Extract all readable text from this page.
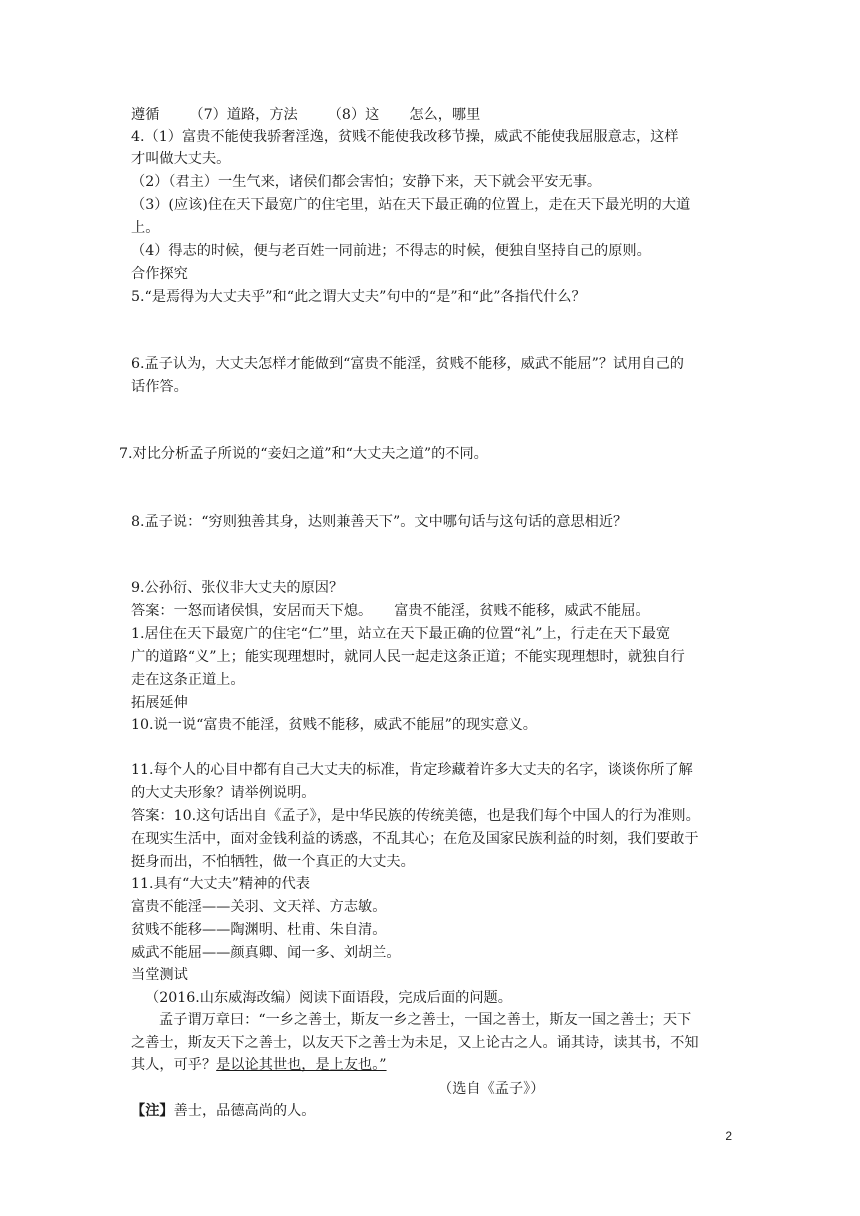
遵循 （7）道路，方法 （8）这 怎么，哪里
4.（1）富贵不能使我骄奢淫逸，贫贱不能使我改移节操，威武不能使我屈服意志，这样
才叫做大丈夫。
（2）（君主）一生气来，诸侯们都会害怕；安静下来，天下就会平安无事。
（3）(应该)住在天下最宽广的住宅里，站在天下最正确的位置上，走在天下最光明的大道
上。
（4）得志的时候，便与老百姓一同前进；不得志的时候，便独自坚持自己的原则。
合作探究
5.“是焉得为大丈夫乎”和“此之谓大丈夫”句中的“是”和“此”各指代什么？
6.孟子认为，大丈夫怎样才能做到“富贵不能淫，贫贱不能移，威武不能屈”？试用自己的
话作答。
7.对比分析孟子所说的“妾妇之道”和“大丈夫之道”的不同。
8.孟子说：“穷则独善其身，达则兼善天下”。文中哪句话与这句话的意思相近？
9.公孙衍、张仪非大丈夫的原因？
答案：一怒而诸侯惧，安居而天下熄。 富贵不能淫，贫贱不能移，威武不能屈。
1.居住在天下最宽广的住宅“仁”里，站立在天下最正确的位置“礼”上，行走在天下最宽
广的道路“义”上；能实现理想时，就同人民一起走这条正道；不能实现理想时，就独自行
走在这条正道上。
拓展延伸
10.说一说“富贵不能淫，贫贱不能移，威武不能屈”的现实意义。
11.每个人的心目中都有自己大丈夫的标准，肯定珍藏着许多大丈夫的名字，谈谈你所了解
的大丈夫形象？请举例说明。
答案：10.这句话出自《孟子》，是中华民族的传统美德，也是我们每个中国人的行为准则。
在现实生活中，面对金钱利益的诱惑，不乱其心；在危及国家民族利益的时刻，我们要敢于
挺身而出，不怕牺牲，做一个真正的大丈夫。
11.具有“大丈夫”精神的代表
富贵不能淫——关羽、文天祥、方志敏。
贫贱不能移——陶渊明、杜甫、朱自清。
威武不能屈——颜真卿、闻一多、刘胡兰。
当堂测试
（2016.山东威海改编）阅读下面语段，完成后面的问题。
孟子谓万章曰：“一乡之善士，斯友一乡之善士，一国之善士，斯友一国之善士；天下
之善士，斯友天下之善士，以友天下之善士为未足，又上论古之人。诵其诗，读其书，不知
其人，可乎？是以论其世也，是上友也。”
（选自《孟子》）
【注】善士，品德高尚的人。
2
